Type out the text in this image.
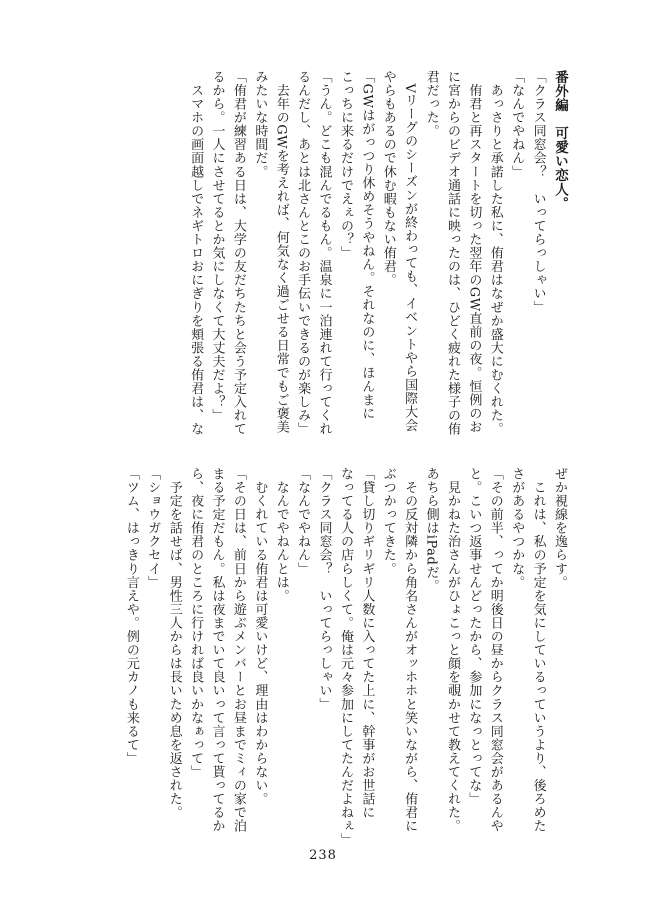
番外編　可愛い恋人。
「クラス同窓会？　いってらっしゃい」
「なんでやねん」
　あっさりと承諾した私に、侑君はなぜか盛大にむくれた。
　侑君と再スタートを切った翌年のGW直前の夜。恒例のお
に宮からのビデオ通話に映ったのは、ひどく疲れた様子の侑
君だった。
　Vリーグのシーズンが終わっても、イベントやら国際大会
やらもあるので休む暇もない侑君。
「GWはがっつり休めそうやねん。それなのに、ほんまに
こっちに来るだけでえぇの？」
「うん。どこも混んでるもん。温泉に一泊連れて行ってくれ
るんだし、あとは北さんとこのお手伝いできるのが楽しみ」
　去年のGWを考えれば、何気なく過ごせる日常でもご褒美
みたいな時間だ。
「侑君が練習ある日は、大学の友だちたちと会う予定入れて
るから。一人にさせてるとか気にしなくて大丈夫だよ？」
　スマホの画面越しでネギトロおにぎりを頬張る侑君は、な
ぜか視線を逸らす。
　これは、私の予定を気にしているっていうより、後ろめた
さがあるやつかな。
「その前半、ってか明後日の昼からクラス同窓会があるんや
と。こいつ返事せんどったから、参加になっとってな」
　見かねた治さんがひょこっと顔を覗かせて教えてくれた。
あちら側はiPadだ。
　その反対隣から角名さんがオッホホと笑いながら、侑君に
ぶつかってきた。
「貸し切りギリギリ人数に入ってた上に、幹事がお世話に
なってる人の店らしくて。俺は元々参加にしてたんだよねぇ」
「クラス同窓会？　いってらっしゃい」
「なんでやねん」
　なんでやねんとは。
　むくれている侑君は可愛いけど、理由はわからない。
「その日は、前日から遊ぶメンバーとお昼までミィの家で泊
まる予定だもん。私は夜までいて良いって言って貰ってるか
ら、夜に侑君のところに行ければ良いかなぁって」
　予定を話せば、男性三人からは長いため息を返された。
「ショウガクセイ」
「ツム、はっきり言えや。例の元カノも来るて」
238
